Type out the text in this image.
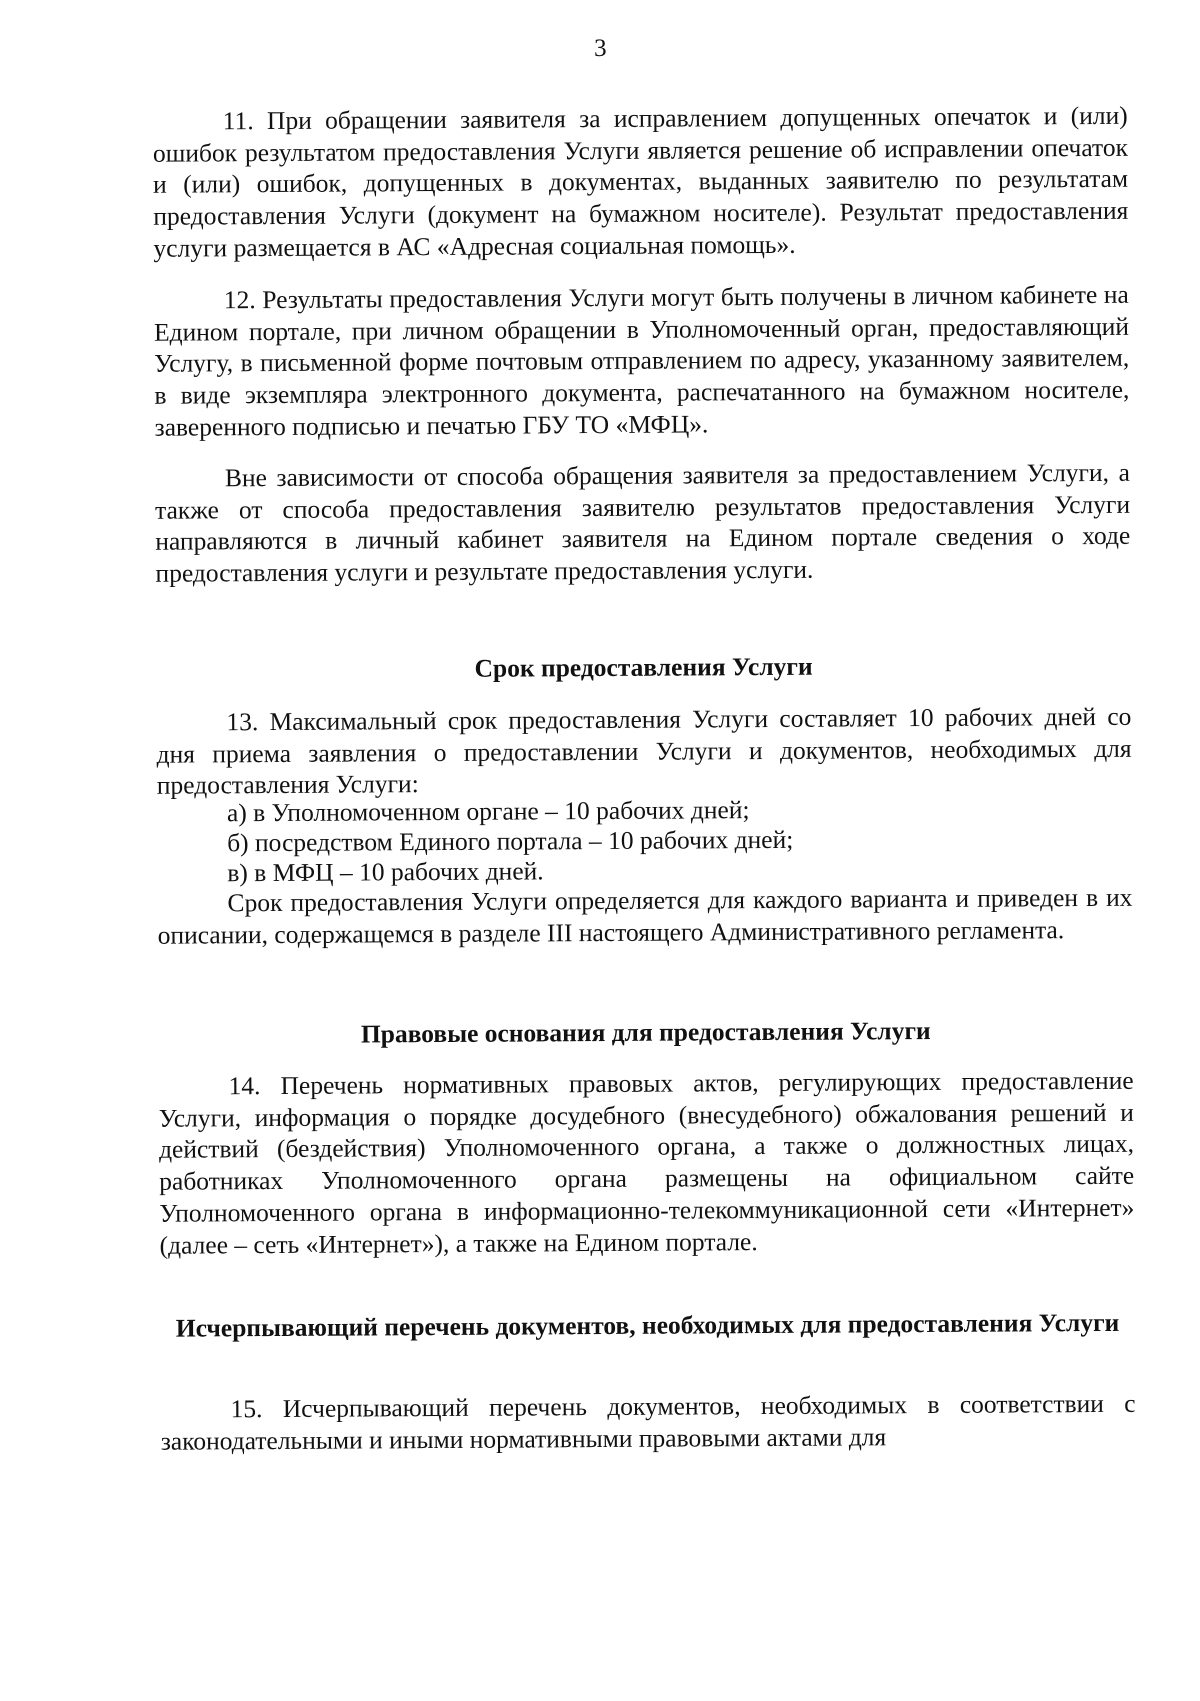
3

11. При обращении заявителя за исправлением допущенных опечаток и (или) ошибок результатом предоставления Услуги является решение об исправлении опечаток и (или) ошибок, допущенных в документах, выданных заявителю по результатам предоставления Услуги (документ на бумажном носителе). Результат предоставления услуги размещается в АС «Адресная социальная помощь».

12. Результаты предоставления Услуги могут быть получены в личном кабинете на Едином портале, при личном обращении в Уполномоченный орган, предоставляющий Услугу, в письменной форме почтовым отправлением по адресу, указанному заявителем, в виде экземпляра электронного документа, распечатанного на бумажном носителе, заверенного подписью и печатью ГБУ ТО «МФЦ».

Вне зависимости от способа обращения заявителя за предоставлением Услуги, а также от способа предоставления заявителю результатов предоставления Услуги направляются в личный кабинет заявителя на Едином портале сведения о ходе предоставления услуги и результате предоставления услуги.

Срок предоставления Услуги

13. Максимальный срок предоставления Услуги составляет 10 рабочих дней со дня приема заявления о предоставлении Услуги и документов, необходимых для предоставления Услуги:

а) в Уполномоченном органе – 10 рабочих дней;

б) посредством Единого портала – 10 рабочих дней;

в) в МФЦ – 10 рабочих дней.

Срок предоставления Услуги определяется для каждого варианта и приведен в их описании, содержащемся в разделе III настоящего Административного регламента.

Правовые основания для предоставления Услуги

14. Перечень нормативных правовых актов, регулирующих предоставление Услуги, информация о порядке досудебного (внесудебного) обжалования решений и действий (бездействия) Уполномоченного органа, а также о должностных лицах, работниках Уполномоченного органа размещены на официальном сайте Уполномоченного органа в информационно-телекоммуникационной сети «Интернет» (далее – сеть «Интернет»), а также на Едином портале.

Исчерпывающий перечень документов, необходимых для предоставления Услуги

15. Исчерпывающий перечень документов, необходимых в соответствии с законодательными и иными нормативными правовыми актами для
